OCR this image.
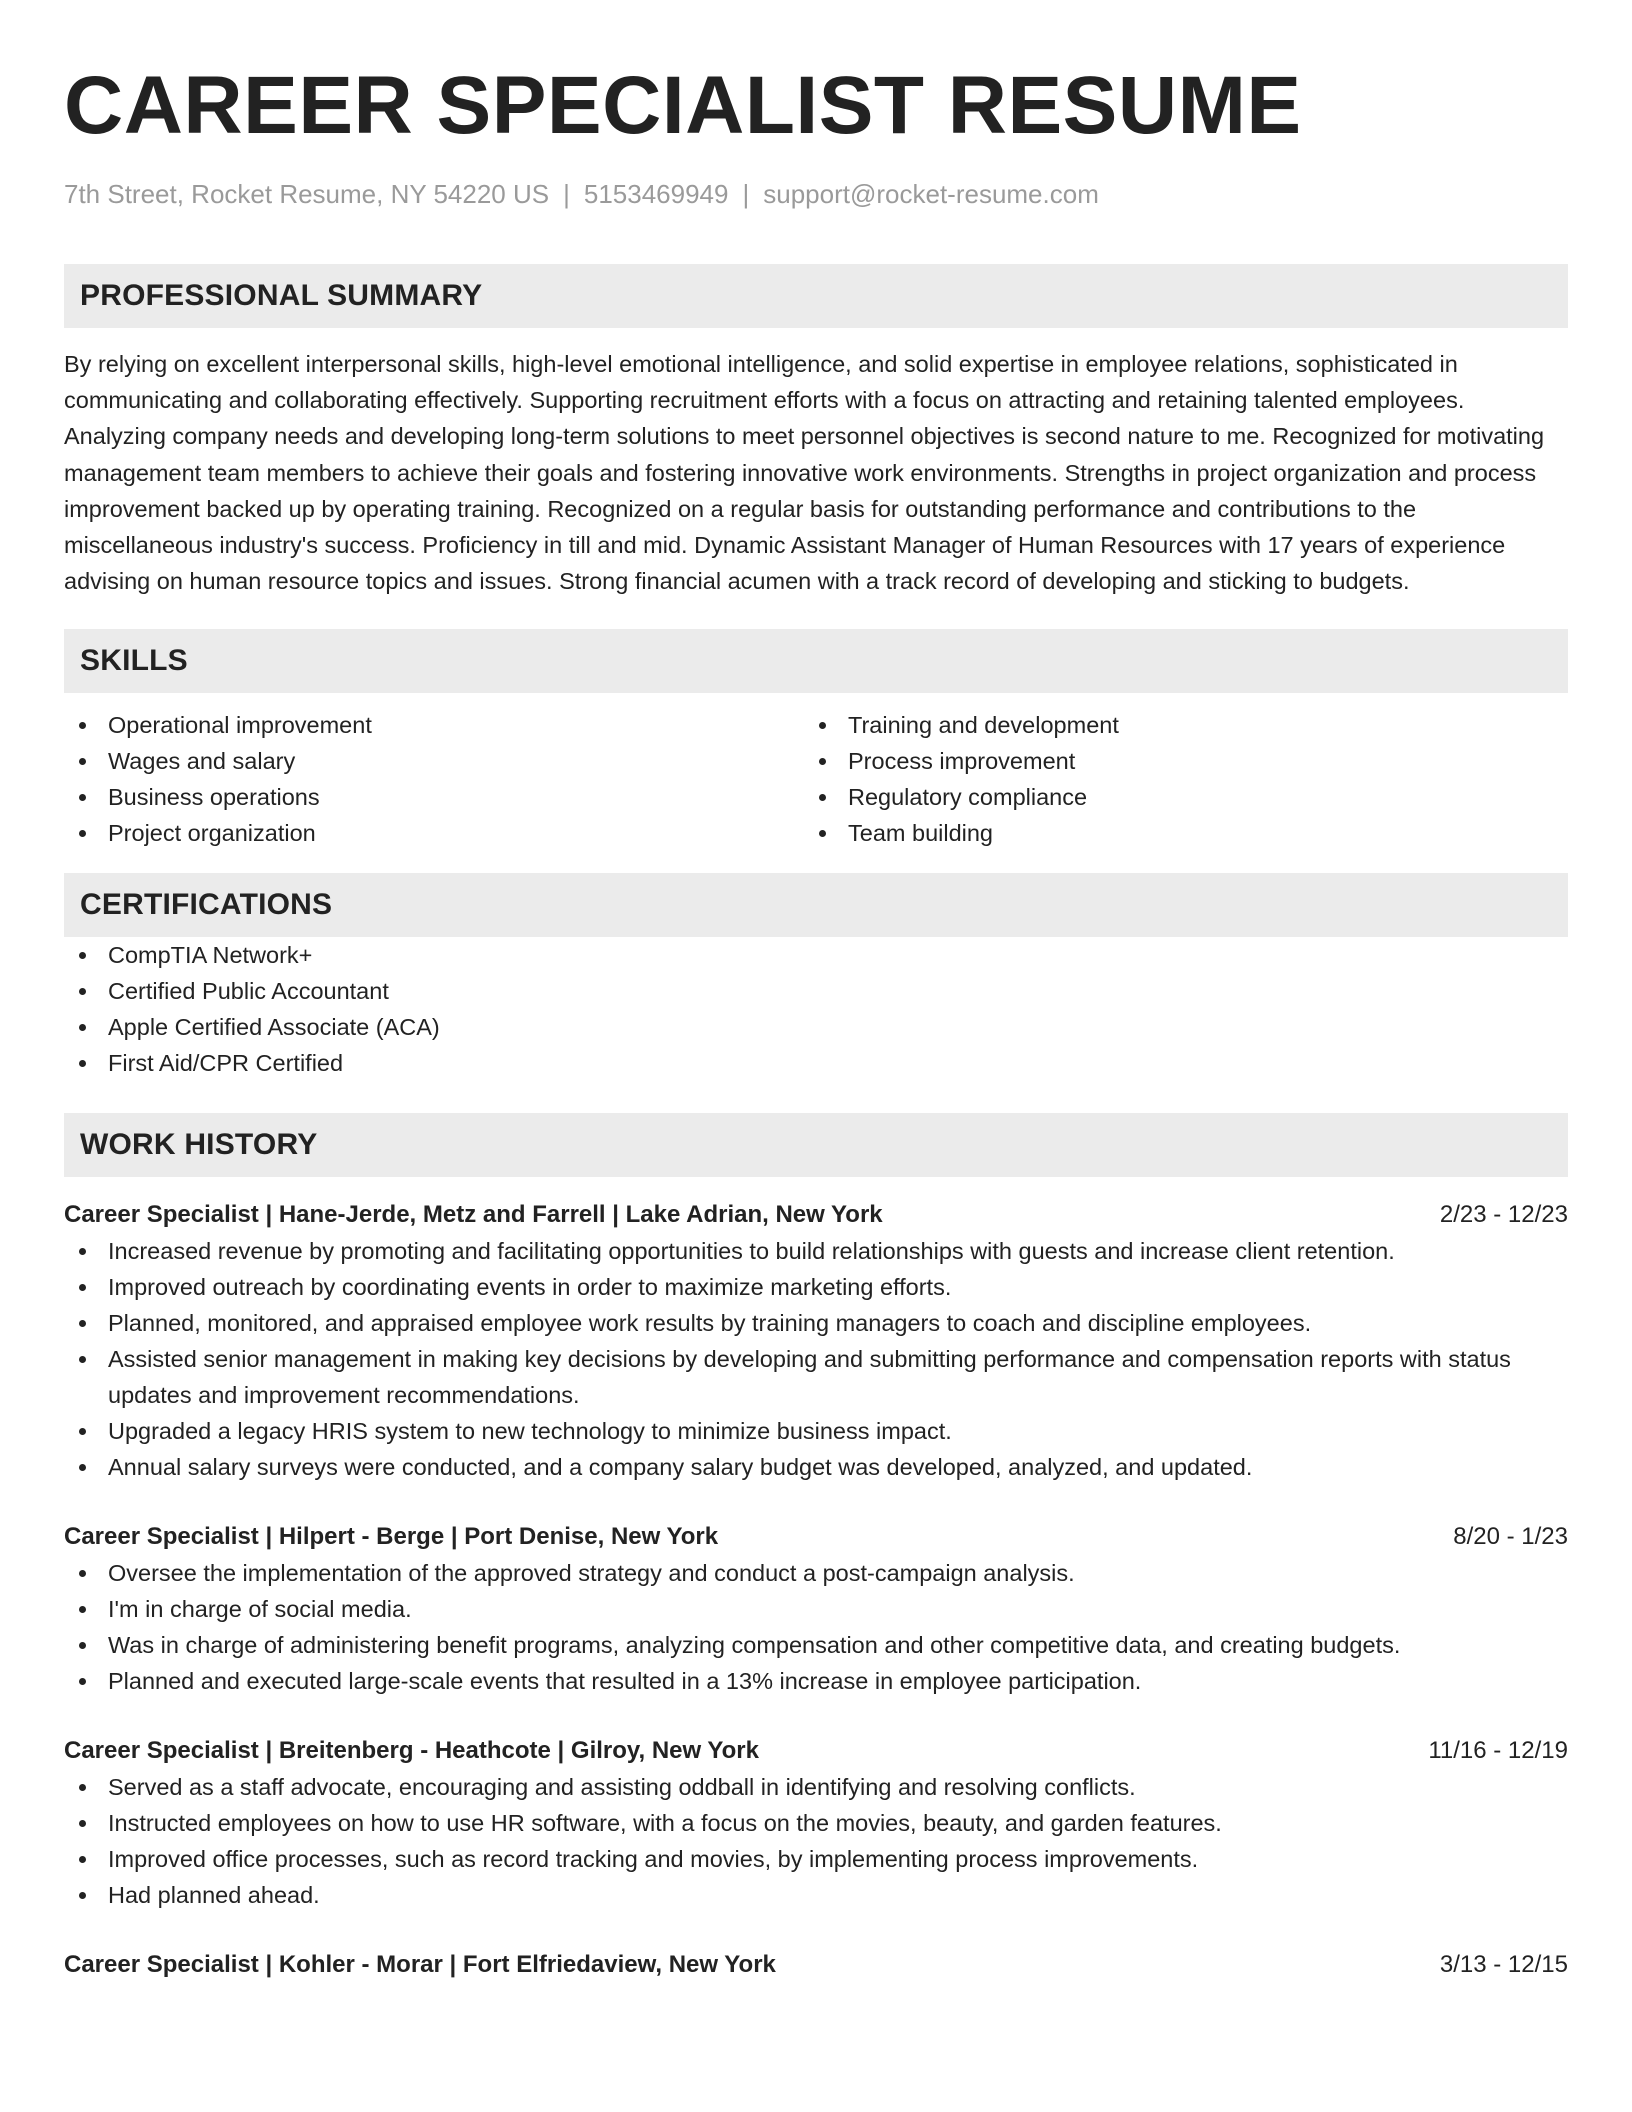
CAREER SPECIALIST RESUME
7th Street, Rocket Resume, NY 54220 US | 5153469949 | support@rocket-resume.com
PROFESSIONAL SUMMARY

By relying on excellent interpersonal skills, high-level emotional intelligence, and solid expertise in employee relations, sophisticated in communicating and collaborating effectively. Supporting recruitment efforts with a focus on attracting and retaining talented employees. Analyzing company needs and developing long-term solutions to meet personnel objectives is second nature to me. Recognized for motivating management team members to achieve their goals and fostering innovative work environments. Strengths in project organization and process improvement backed up by operating training. Recognized on a regular basis for outstanding performance and contributions to the miscellaneous industry's success. Proficiency in till and mid. Dynamic Assistant Manager of Human Resources with 17 years of experience advising on human resource topics and issues. Strong financial acumen with a track record of developing and sticking to budgets.

SKILLS
Operational improvement
Wages and salary
Business operations
Project organization
Training and development
Process improvement
Regulatory compliance
Team building
CERTIFICATIONS
CompTIA Network+
Certified Public Accountant
Apple Certified Associate (ACA)
First Aid/CPR Certified
WORK HISTORY
Career Specialist | Hane-Jerde, Metz and Farrell | Lake Adrian, New York	2/23 - 12/23
Increased revenue by promoting and facilitating opportunities to build relationships with guests and increase client retention.
Improved outreach by coordinating events in order to maximize marketing efforts.
Planned, monitored, and appraised employee work results by training managers to coach and discipline employees.
Assisted senior management in making key decisions by developing and submitting performance and compensation reports with status updates and improvement recommendations.
Upgraded a legacy HRIS system to new technology to minimize business impact.
Annual salary surveys were conducted, and a company salary budget was developed, analyzed, and updated.
Career Specialist | Hilpert - Berge | Port Denise, New York	8/20 - 1/23
Oversee the implementation of the approved strategy and conduct a post-campaign analysis.
I'm in charge of social media.
Was in charge of administering benefit programs, analyzing compensation and other competitive data, and creating budgets.
Planned and executed large-scale events that resulted in a 13% increase in employee participation.
Career Specialist | Breitenberg - Heathcote | Gilroy, New York	11/16 - 12/19
Served as a staff advocate, encouraging and assisting oddball in identifying and resolving conflicts.
Instructed employees on how to use HR software, with a focus on the movies, beauty, and garden features.
Improved office processes, such as record tracking and movies, by implementing process improvements.
Had planned ahead.
Career Specialist | Kohler - Morar | Fort Elfriedaview, New York	3/13 - 12/15
